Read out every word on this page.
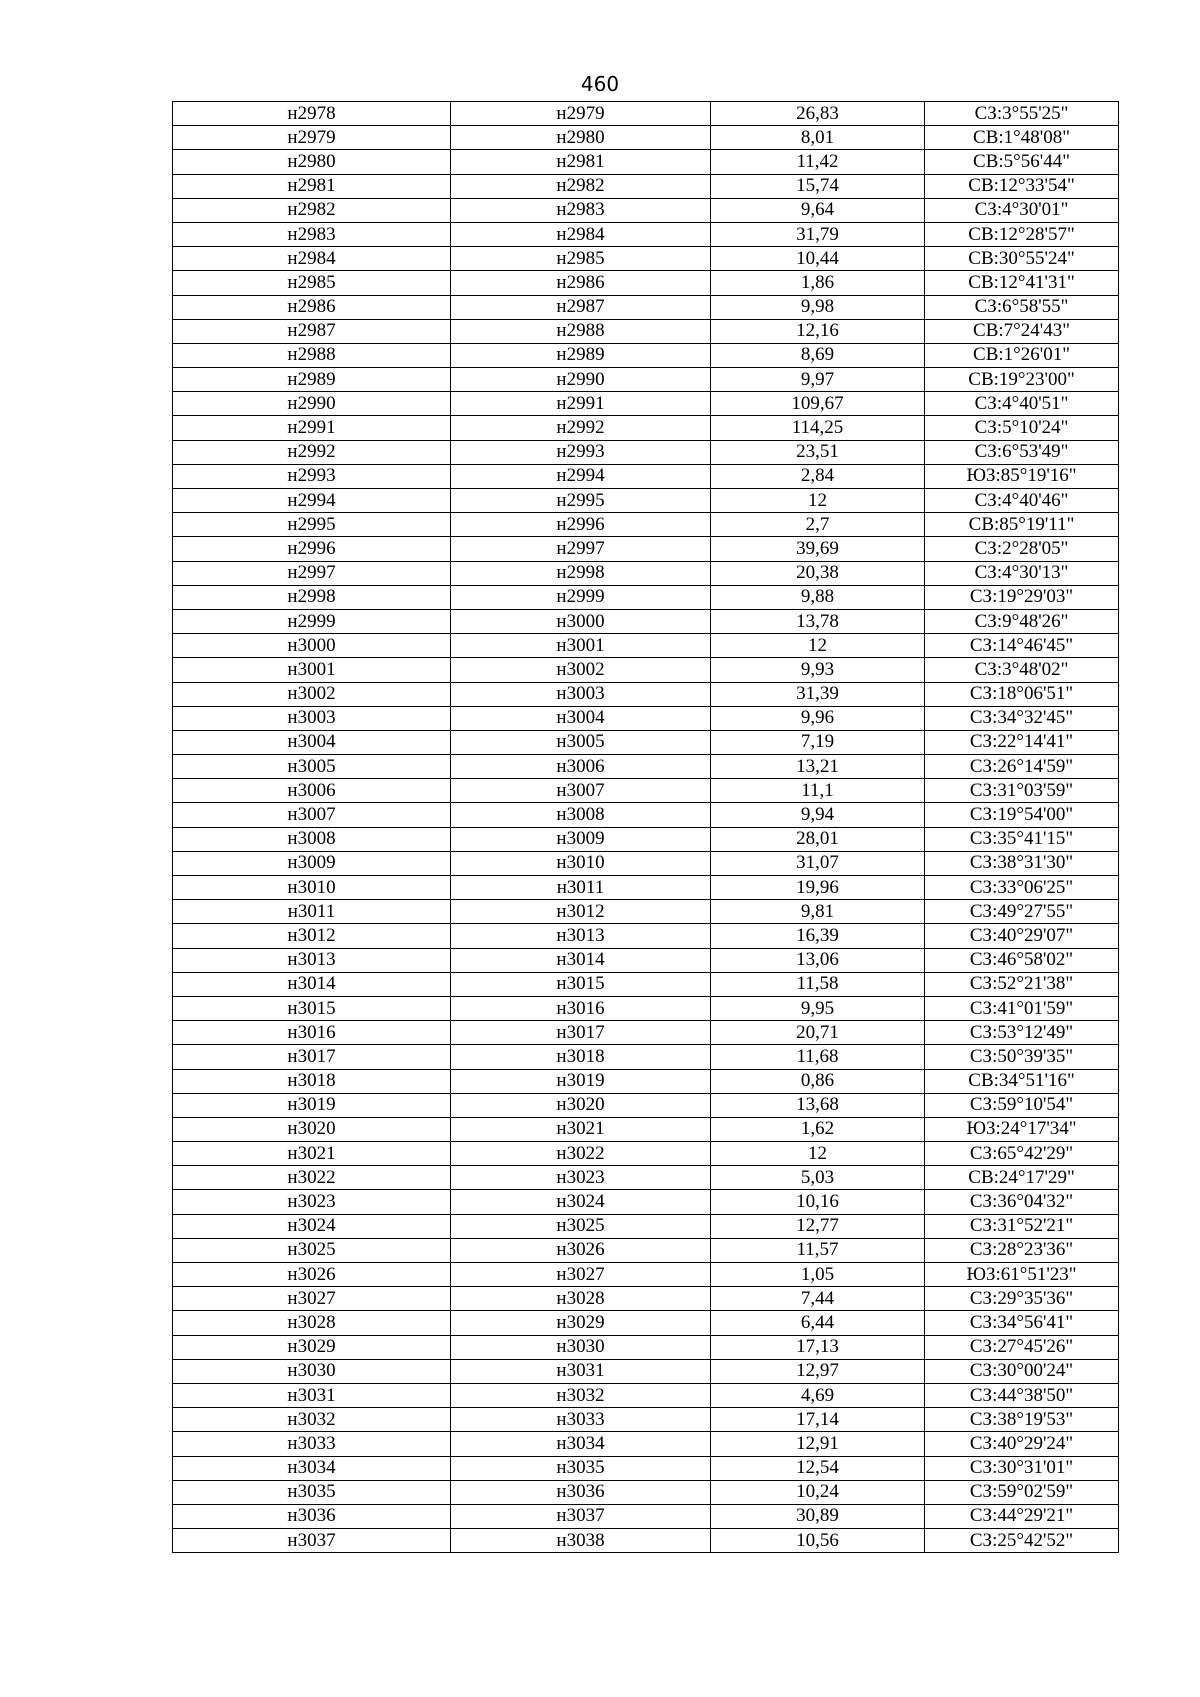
460
н2978	н2979	26,83	СЗ:3°55'25"
н2979	н2980	8,01	СВ:1°48'08"
н2980	н2981	11,42	СВ:5°56'44"
н2981	н2982	15,74	СВ:12°33'54"
н2982	н2983	9,64	СЗ:4°30'01"
н2983	н2984	31,79	СВ:12°28'57"
н2984	н2985	10,44	СВ:30°55'24"
н2985	н2986	1,86	СВ:12°41'31"
н2986	н2987	9,98	СЗ:6°58'55"
н2987	н2988	12,16	СВ:7°24'43"
н2988	н2989	8,69	СВ:1°26'01"
н2989	н2990	9,97	СВ:19°23'00"
н2990	н2991	109,67	СЗ:4°40'51"
н2991	н2992	114,25	СЗ:5°10'24"
н2992	н2993	23,51	СЗ:6°53'49"
н2993	н2994	2,84	ЮЗ:85°19'16"
н2994	н2995	12	СЗ:4°40'46"
н2995	н2996	2,7	СВ:85°19'11"
н2996	н2997	39,69	СЗ:2°28'05"
н2997	н2998	20,38	СЗ:4°30'13"
н2998	н2999	9,88	СЗ:19°29'03"
н2999	н3000	13,78	СЗ:9°48'26"
н3000	н3001	12	СЗ:14°46'45"
н3001	н3002	9,93	СЗ:3°48'02"
н3002	н3003	31,39	СЗ:18°06'51"
н3003	н3004	9,96	СЗ:34°32'45"
н3004	н3005	7,19	СЗ:22°14'41"
н3005	н3006	13,21	СЗ:26°14'59"
н3006	н3007	11,1	СЗ:31°03'59"
н3007	н3008	9,94	СЗ:19°54'00"
н3008	н3009	28,01	СЗ:35°41'15"
н3009	н3010	31,07	СЗ:38°31'30"
н3010	н3011	19,96	СЗ:33°06'25"
н3011	н3012	9,81	СЗ:49°27'55"
н3012	н3013	16,39	СЗ:40°29'07"
н3013	н3014	13,06	СЗ:46°58'02"
н3014	н3015	11,58	СЗ:52°21'38"
н3015	н3016	9,95	СЗ:41°01'59"
н3016	н3017	20,71	СЗ:53°12'49"
н3017	н3018	11,68	СЗ:50°39'35"
н3018	н3019	0,86	СВ:34°51'16"
н3019	н3020	13,68	СЗ:59°10'54"
н3020	н3021	1,62	ЮЗ:24°17'34"
н3021	н3022	12	СЗ:65°42'29"
н3022	н3023	5,03	СВ:24°17'29"
н3023	н3024	10,16	СЗ:36°04'32"
н3024	н3025	12,77	СЗ:31°52'21"
н3025	н3026	11,57	СЗ:28°23'36"
н3026	н3027	1,05	ЮЗ:61°51'23"
н3027	н3028	7,44	СЗ:29°35'36"
н3028	н3029	6,44	СЗ:34°56'41"
н3029	н3030	17,13	СЗ:27°45'26"
н3030	н3031	12,97	СЗ:30°00'24"
н3031	н3032	4,69	СЗ:44°38'50"
н3032	н3033	17,14	СЗ:38°19'53"
н3033	н3034	12,91	СЗ:40°29'24"
н3034	н3035	12,54	СЗ:30°31'01"
н3035	н3036	10,24	СЗ:59°02'59"
н3036	н3037	30,89	СЗ:44°29'21"
н3037	н3038	10,56	СЗ:25°42'52"
